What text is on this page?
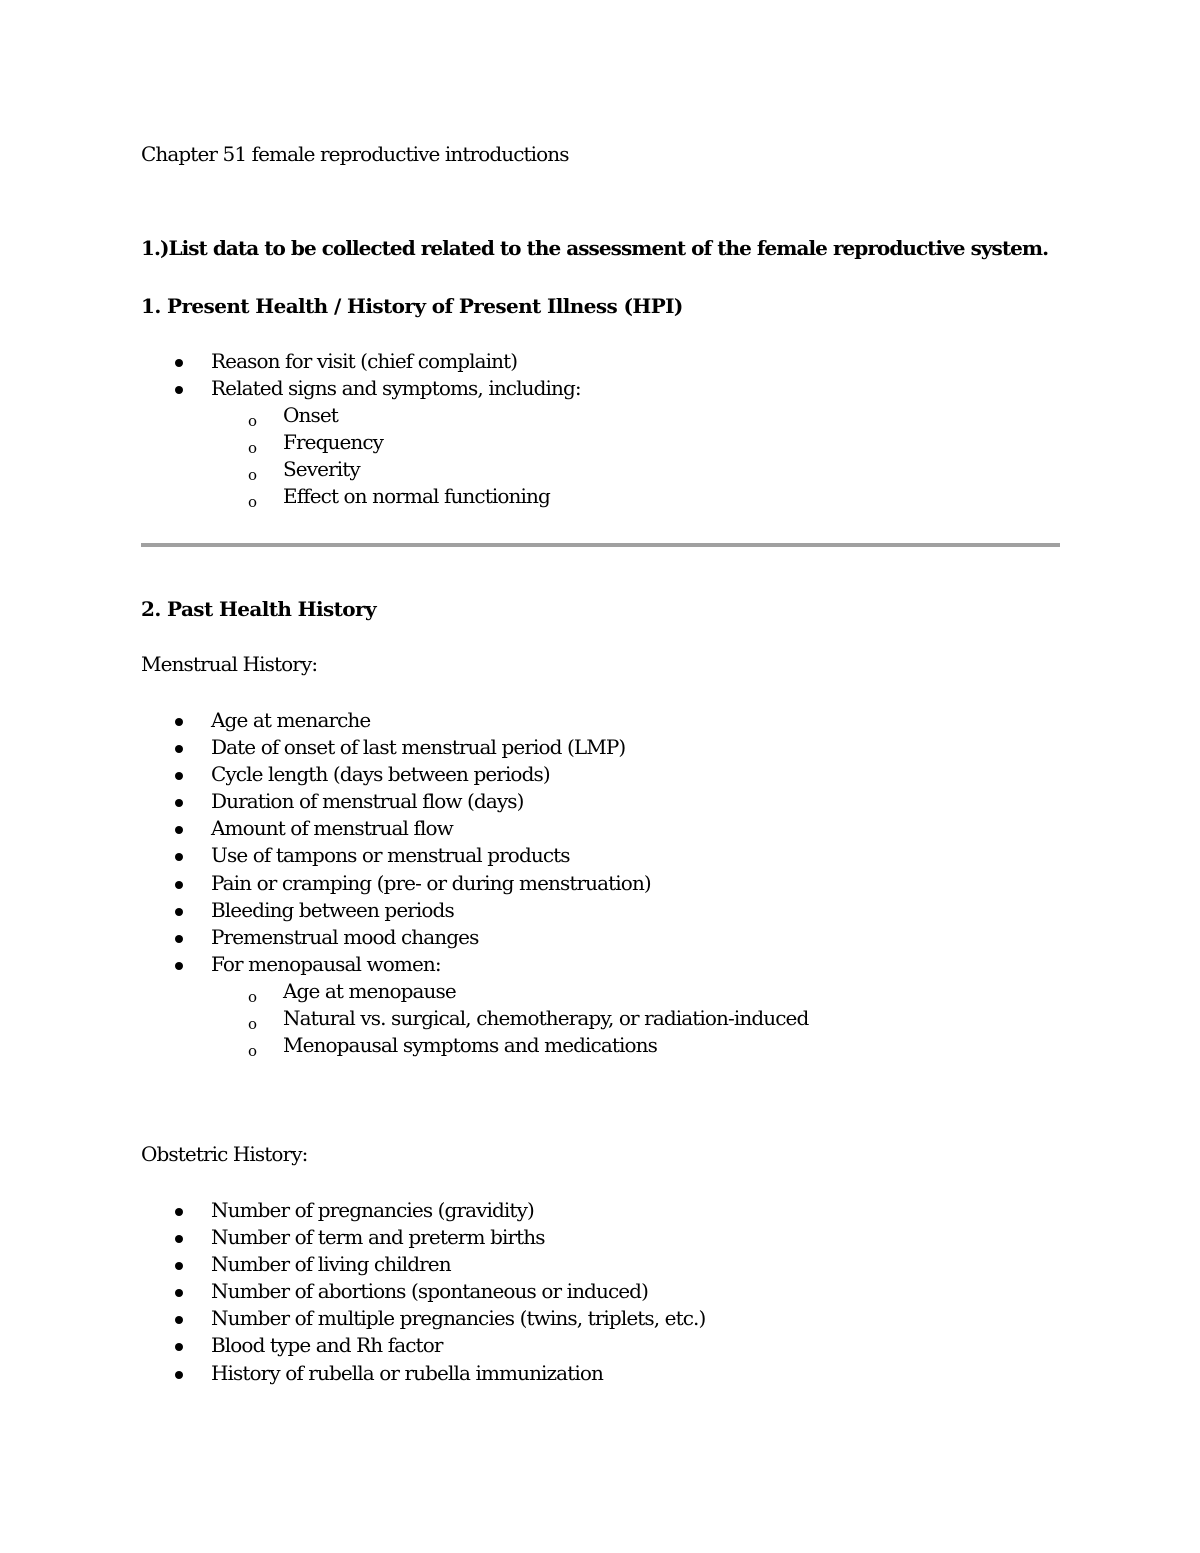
Chapter 51 female reproductive introductions

1.)List data to be collected related to the assessment of the female reproductive system.

1. Present Health / History of Present Illness (HPI)

Reason for visit (chief complaint)
Related signs and symptoms, including:
o Onset
o Frequency
o Severity
o Effect on normal functioning

2. Past Health History

Menstrual History:

Age at menarche
Date of onset of last menstrual period (LMP)
Cycle length (days between periods)
Duration of menstrual flow (days)
Amount of menstrual flow
Use of tampons or menstrual products
Pain or cramping (pre- or during menstruation)
Bleeding between periods
Premenstrual mood changes
For menopausal women:
o Age at menopause
o Natural vs. surgical, chemotherapy, or radiation-induced
o Menopausal symptoms and medications

Obstetric History:

Number of pregnancies (gravidity)
Number of term and preterm births
Number of living children
Number of abortions (spontaneous or induced)
Number of multiple pregnancies (twins, triplets, etc.)
Blood type and Rh factor
History of rubella or rubella immunization
